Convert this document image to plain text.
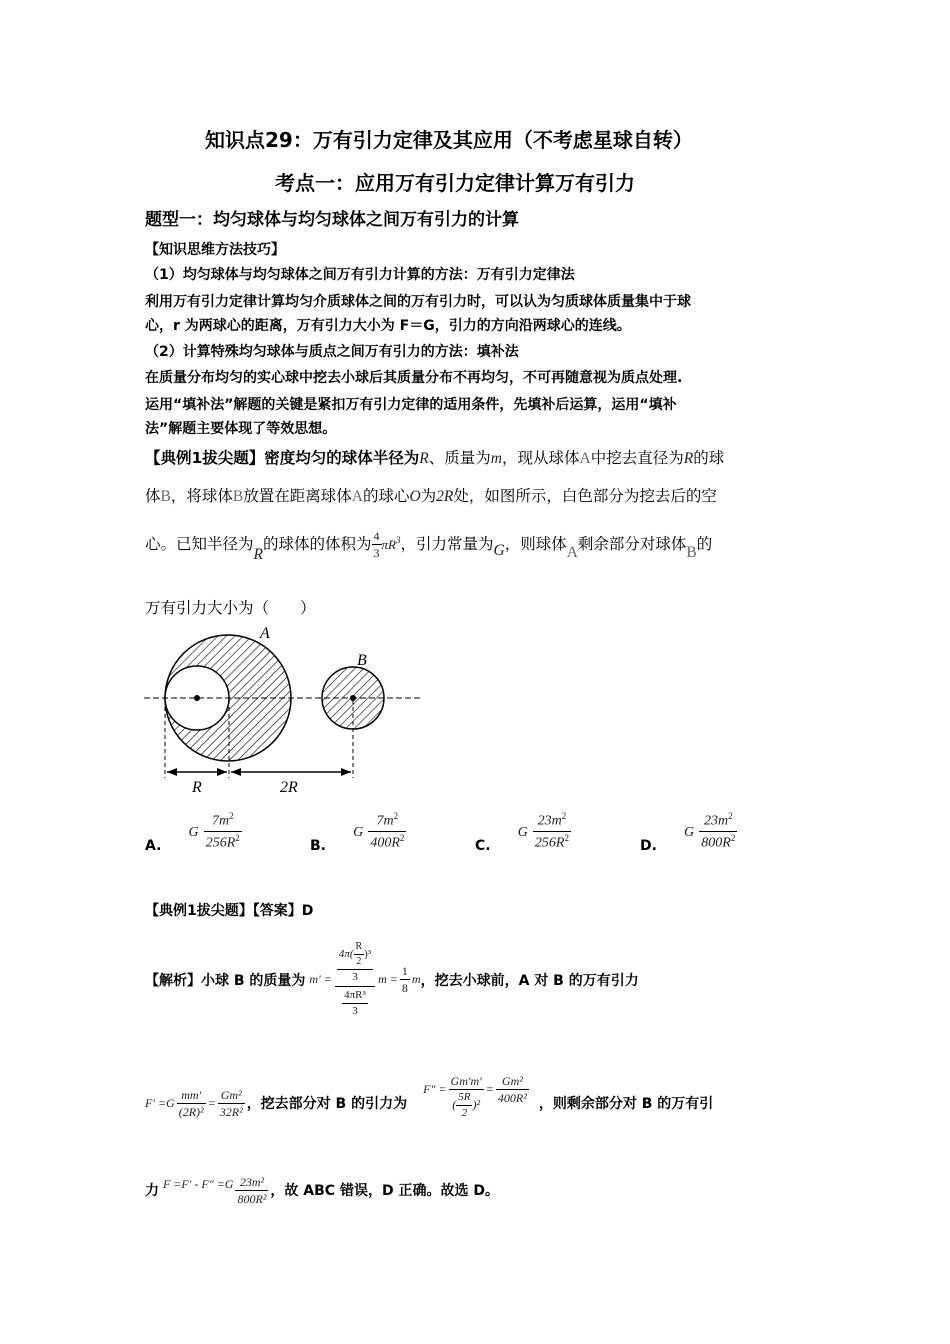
知识点29：万有引力定律及其应用（不考虑星球自转）
考点一：应用万有引力定律计算万有引力
题型一：均匀球体与均匀球体之间万有引力的计算
【知识思维方法技巧】
（1）均匀球体与均匀球体之间万有引力计算的方法：万有引力定律法
利用万有引力定律计算均匀介质球体之间的万有引力时，可以认为匀质球体质量集中于球
心，r 为两球心的距离，万有引力大小为 F＝G，引力的方向沿两球心的连线。
（2）计算特殊均匀球体与质点之间万有引力的方法：填补法
在质量分布均匀的实心球中挖去小球后其质量分布不再均匀，不可再随意视为质点处理.
运用“填补法”解题的关键是紧扣万有引力定律的适用条件，先填补后运算，运用“填补
法”解题主要体现了等效思想。
【典例1拔尖题】密度均匀的球体半径为R、质量为m，现从球体A中挖去直径为R的球
体B，将球体B放置在距离球体A的球心O为2R处，如图所示，白色部分为挖去后的空
心。已知半径为R的球体的体积为 $\frac{4}{3} \pi R^3$，引力常量为G，则球体A剩余部分对球体B的
万有引力大小为（　　）
A
B
R	2R
A. G $\frac{7m^2}{256R^2}$	B. G $\frac{7m^2}{400R^2}$	C. G $\frac{23m^2}{256R^2}$	D. G $\frac{23m^2}{800R^2}$
【典例1拔尖题】【答案】D
【解析】小球 B 的质量为 $m' = \frac{\frac{4\pi( \frac{R}{2} )^3}{3}}{\frac{\text{4πR³}}{3}}$ $m = \frac{1}{8}$ m ，挖去小球前，A 对 B 的万有引力
$F' =G \frac{mm'}{\text{(2R)²}} = \frac{\text{Gm²}}{\text{32R²}}$ ，挖去部分对 B 的引力为
$F'' = \frac{Gm'm'}{( \frac{5R}{2} )^2} = \frac{\text{Gm²}}{\text{400R²}}$
，则剩余部分对 B 的万有引
力 $F =F' - F'' =G \frac{\text{23m²}}{\text{800R²}}$ ，故 ABC 错误，D 正确。故选 D。
